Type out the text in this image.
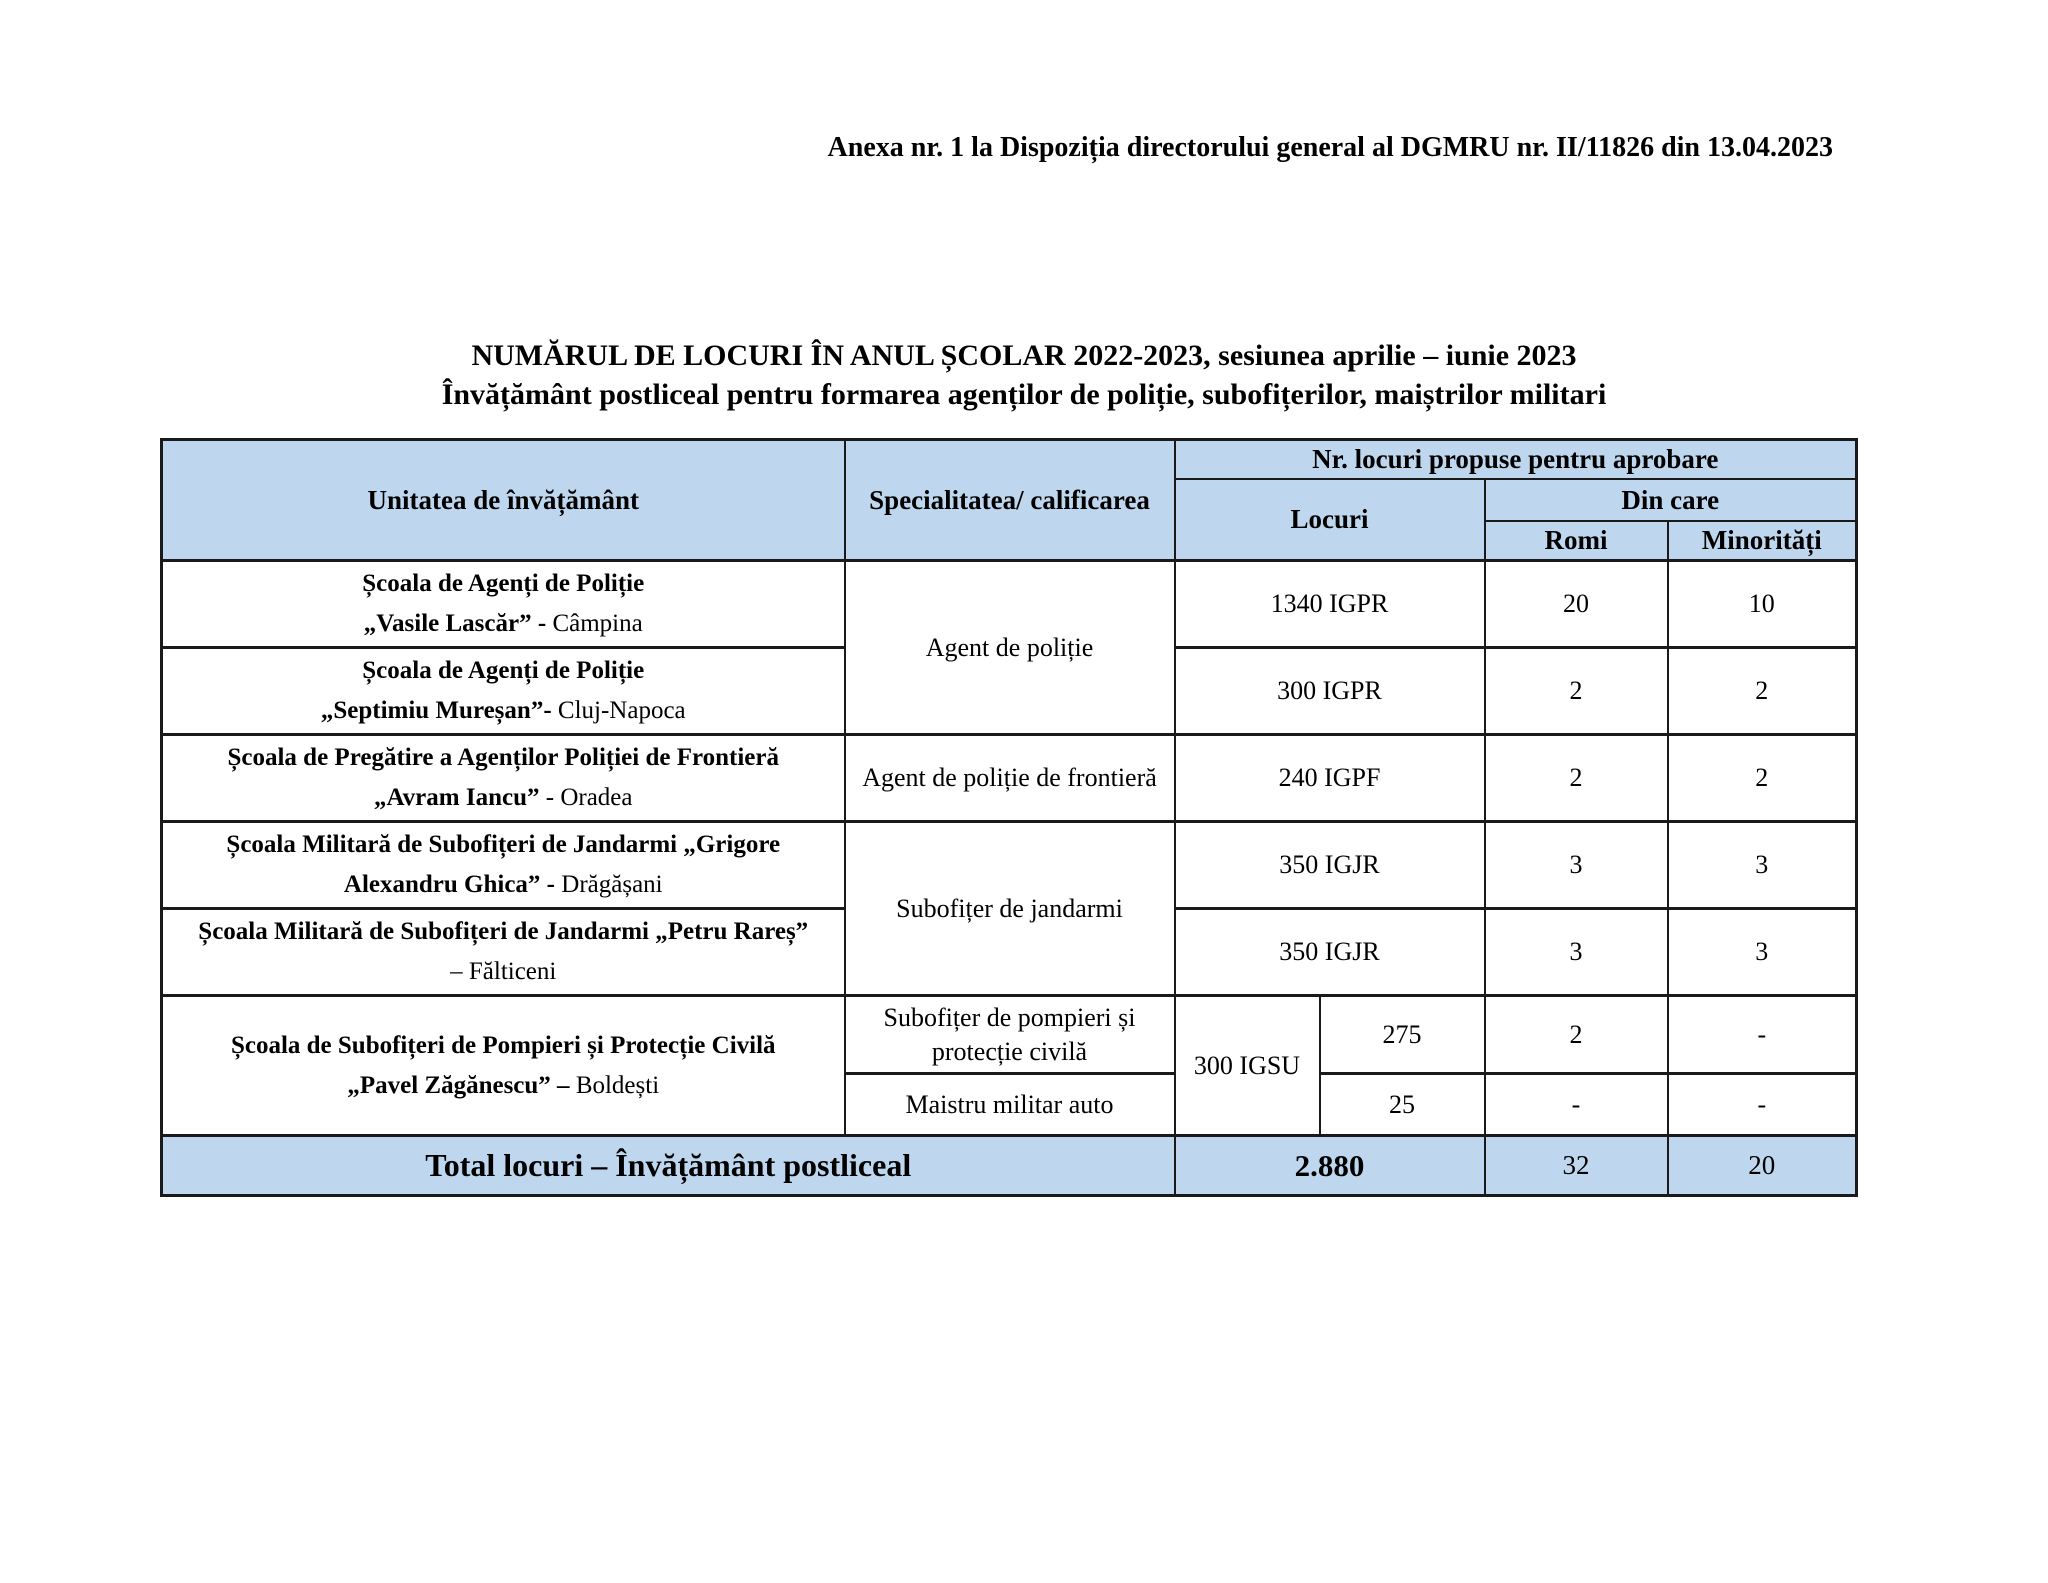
Anexa nr. 1 la Dispoziția directorului general al DGMRU nr. II/11826 din 13.04.2023
NUMĂRUL DE LOCURI ÎN ANUL ȘCOLAR 2022-2023, sesiunea aprilie – iunie 2023
Învățământ postliceal pentru formarea agenților de poliție, subofițerilor, maiștrilor militari
Unitatea de învățământ	Specialitatea/ calificarea	Nr. locuri propuse pentru aprobare			
		Locuri		Din care	
				Romi	Minorități

Școala de Agenți de Poliție
„Vasile Lascăr” - Câmpina	Agent de poliție	1340 IGPR		20	10

Școala de Agenți de Poliție
„Septimiu Mureșan”- Cluj-Napoca		300 IGPR		2	2

Școala de Pregătire a Agenților Poliției de Frontieră
„Avram Iancu” - Oradea	Agent de poliție de frontieră	240 IGPF		2	2

Școala Militară de Subofițeri de Jandarmi „Grigore
Alexandru Ghica” - Drăgășani	Subofițer de jandarmi	350 IGJR		3	3

Școala Militară de Subofițeri de Jandarmi „Petru Rareș”
– Fălticeni		350 IGJR		3	3

Școala de Subofițeri de Pompieri și Protecție Civilă
„Pavel Zăgănescu” – Boldești	Subofițer de pompieri și protecție civilă	300 IGSU	275	2	-
	Maistru militar auto		25	-	-
Total locuri – Învățământ postliceal		2.880		32	20
